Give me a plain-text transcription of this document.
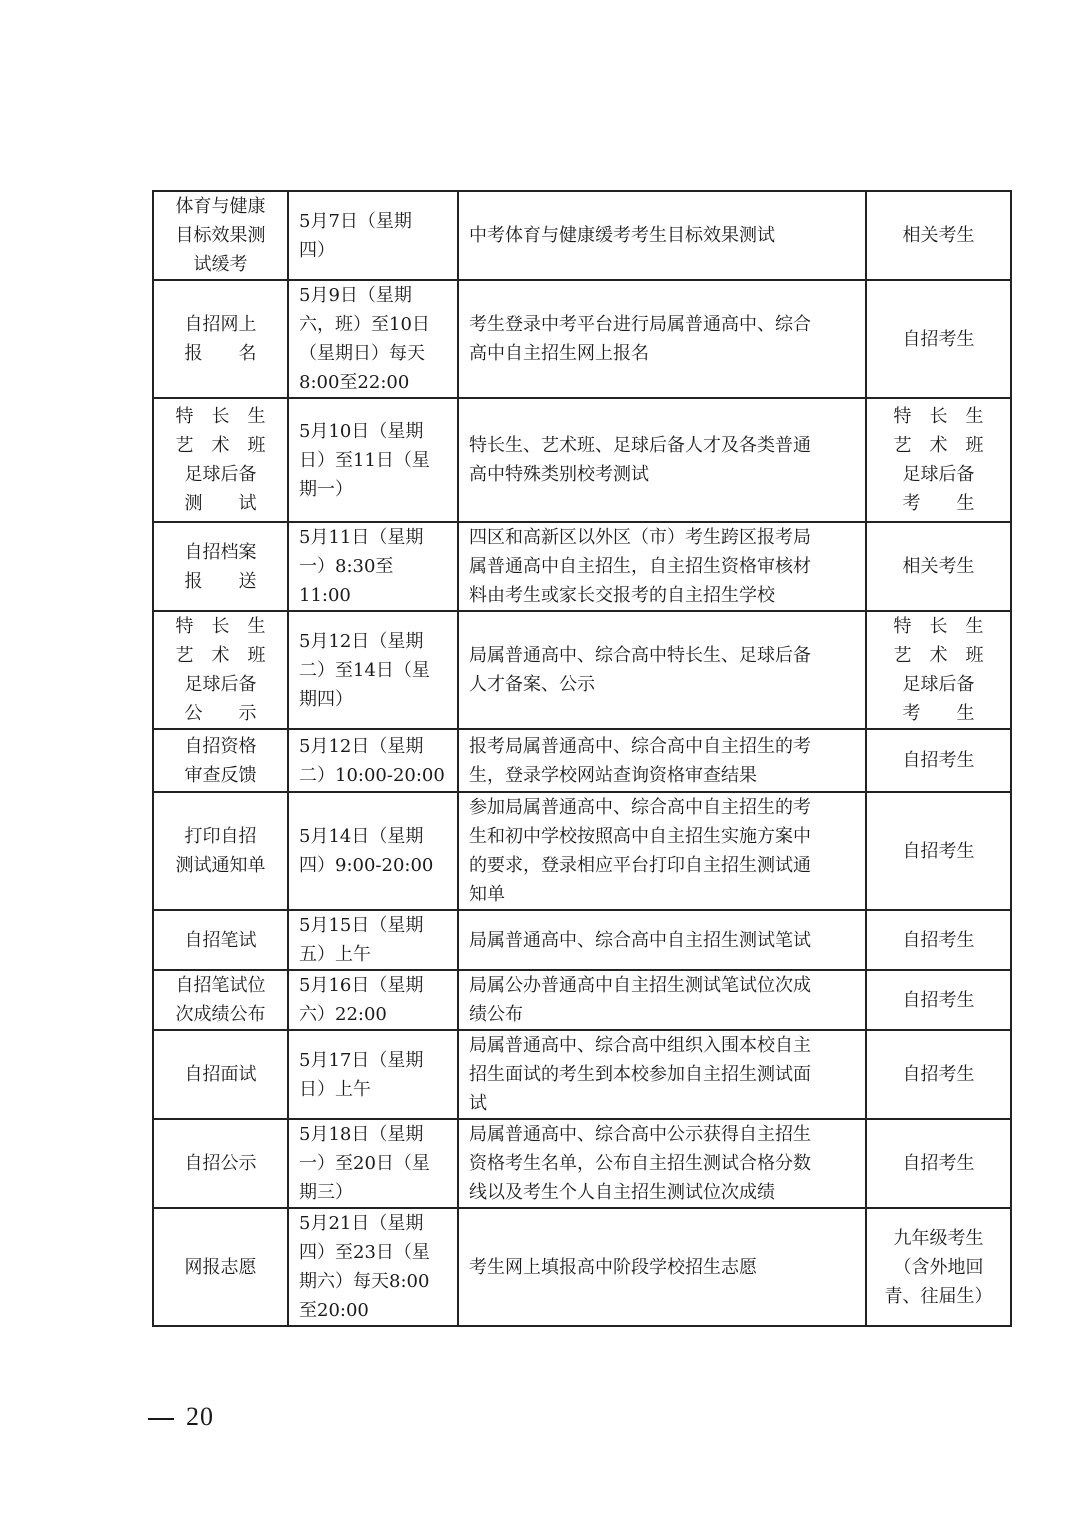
体育与健康
目标效果测
试缓考	5月7日（星期
四）	中考体育与健康缓考考生目标效果测试	相关考生

自招网上
报　　名	5月9日（星期
六，班）至10日
（星期日）每天
8:00至22:00	考生登录中考平台进行局属普通高中、综合
高中自主招生网上报名	自招考生

特　长　生
艺　术　班
足球后备
测　　试	5月10日（星期
日）至11日（星
期一）	特长生、艺术班、足球后备人才及各类普通
高中特殊类别校考测试	特　长　生
艺　术　班
足球后备
考　　生

自招档案
报　　送	5月11日（星期
一）8:30至
11:00	四区和高新区以外区（市）考生跨区报考局
属普通高中自主招生，自主招生资格审核材
料由考生或家长交报考的自主招生学校	相关考生

特　长　生
艺　术　班
足球后备
公　　示	5月12日（星期
二）至14日（星
期四）	局属普通高中、综合高中特长生、足球后备
人才备案、公示	特　长　生
艺　术　班
足球后备
考　　生

自招资格
审查反馈	5月12日（星期
二）10:00-20:00	报考局属普通高中、综合高中自主招生的考
生，登录学校网站查询资格审查结果	自招考生

打印自招
测试通知单	5月14日（星期
四）9:00-20:00	参加局属普通高中、综合高中自主招生的考
生和初中学校按照高中自主招生实施方案中
的要求，登录相应平台打印自主招生测试通
知单	自招考生

自招笔试	5月15日（星期
五）上午	局属普通高中、综合高中自主招生测试笔试	自招考生

自招笔试位
次成绩公布	5月16日（星期
六）22:00	局属公办普通高中自主招生测试笔试位次成
绩公布	自招考生

自招面试	5月17日（星期
日）上午	局属普通高中、综合高中组织入围本校自主
招生面试的考生到本校参加自主招生测试面
试	自招考生

自招公示	5月18日（星期
一）至20日（星
期三）	局属普通高中、综合高中公示获得自主招生
资格考生名单，公布自主招生测试合格分数
线以及考生个人自主招生测试位次成绩	自招考生

网报志愿	5月21日（星期
四）至23日（星
期六）每天8:00
至20:00	考生网上填报高中阶段学校招生志愿	九年级考生
（含外地回
青、往届生）
20
